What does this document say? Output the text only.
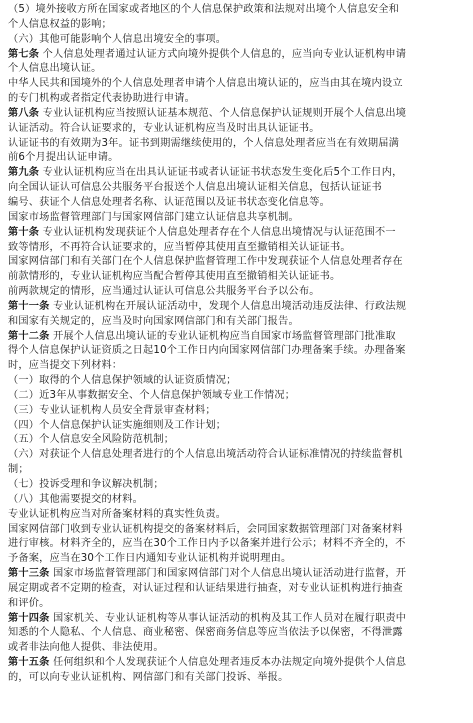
（5）境外接收方所在国家或者地区的个人信息保护政策和法规对出境个人信息安全和
个人信息权益的影响；
（六）其他可能影响个人信息出境安全的事项。
第七条 个人信息处理者通过认证方式向境外提供个人信息的，应当向专业认证机构申请
个人信息出境认证。
中华人民共和国境外的个人信息处理者申请个人信息出境认证的，应当由其在境内设立
的专门机构或者指定代表协助进行申请。
第八条 专业认证机构应当按照认证基本规范、个人信息保护认证规则开展个人信息出境
认证活动。符合认证要求的，专业认证机构应当及时出具认证证书。
认证证书的有效期为3年。证书到期需继续使用的，个人信息处理者应当在有效期届满
前6个月提出认证申请。
第九条 专业认证机构应当在出具认证证书或者认证证书状态发生变化后5个工作日内，
向全国认证认可信息公共服务平台报送个人信息出境认证相关信息，包括认证证书
编号、获证个人信息处理者名称、认证范围以及证书状态变化信息等。
国家市场监督管理部门与国家网信部门建立认证信息共享机制。
第十条 专业认证机构发现获证个人信息处理者存在个人信息出境情况与认证范围不一
致等情形，不再符合认证要求的，应当暂停其使用直至撤销相关认证证书。
国家网信部门和有关部门在个人信息保护监督管理工作中发现获证个人信息处理者存在
前款情形的，专业认证机构应当配合暂停其使用直至撤销相关认证证书。
前两款规定的情形，应当通过认证认可信息公共服务平台予以公布。
第十一条 专业认证机构在开展认证活动中，发现个人信息出境活动违反法律、行政法规
和国家有关规定的，应当及时向国家网信部门和有关部门报告。
第十二条 开展个人信息出境认证的专业认证机构应当自国家市场监督管理部门批准取
得个人信息保护认证资质之日起10个工作日内向国家网信部门办理备案手续。办理备案
时，应当提交下列材料：
（一）取得的个人信息保护领域的认证资质情况；
（二）近3年从事数据安全、个人信息保护领域专业工作情况；
（三）专业认证机构人员安全背景审查材料；
（四）个人信息保护认证实施细则及工作计划；
（五）个人信息安全风险防范机制；
（六）对获证个人信息处理者进行的个人信息出境活动符合认证标准情况的持续监督机
制；
（七）投诉受理和争议解决机制；
（八）其他需要提交的材料。
专业认证机构应当对所备案材料的真实性负责。
国家网信部门收到专业认证机构提交的备案材料后，会同国家数据管理部门对备案材料
进行审核。材料齐全的，应当在30个工作日内予以备案并进行公示；材料不齐全的，不
予备案，应当在30个工作日内通知专业认证机构并说明理由。
第十三条 国家市场监督管理部门和国家网信部门对个人信息出境认证活动进行监督，开
展定期或者不定期的检查，对认证过程和认证结果进行抽查，对专业认证机构进行抽查
和评价。
第十四条 国家机关、专业认证机构等从事认证活动的机构及其工作人员对在履行职责中
知悉的个人隐私、个人信息、商业秘密、保密商务信息等应当依法予以保密，不得泄露
或者非法向他人提供、非法使用。
第十五条 任何组织和个人发现获证个人信息处理者违反本办法规定向境外提供个人信息
的，可以向专业认证机构、网信部门和有关部门投诉、举报。
